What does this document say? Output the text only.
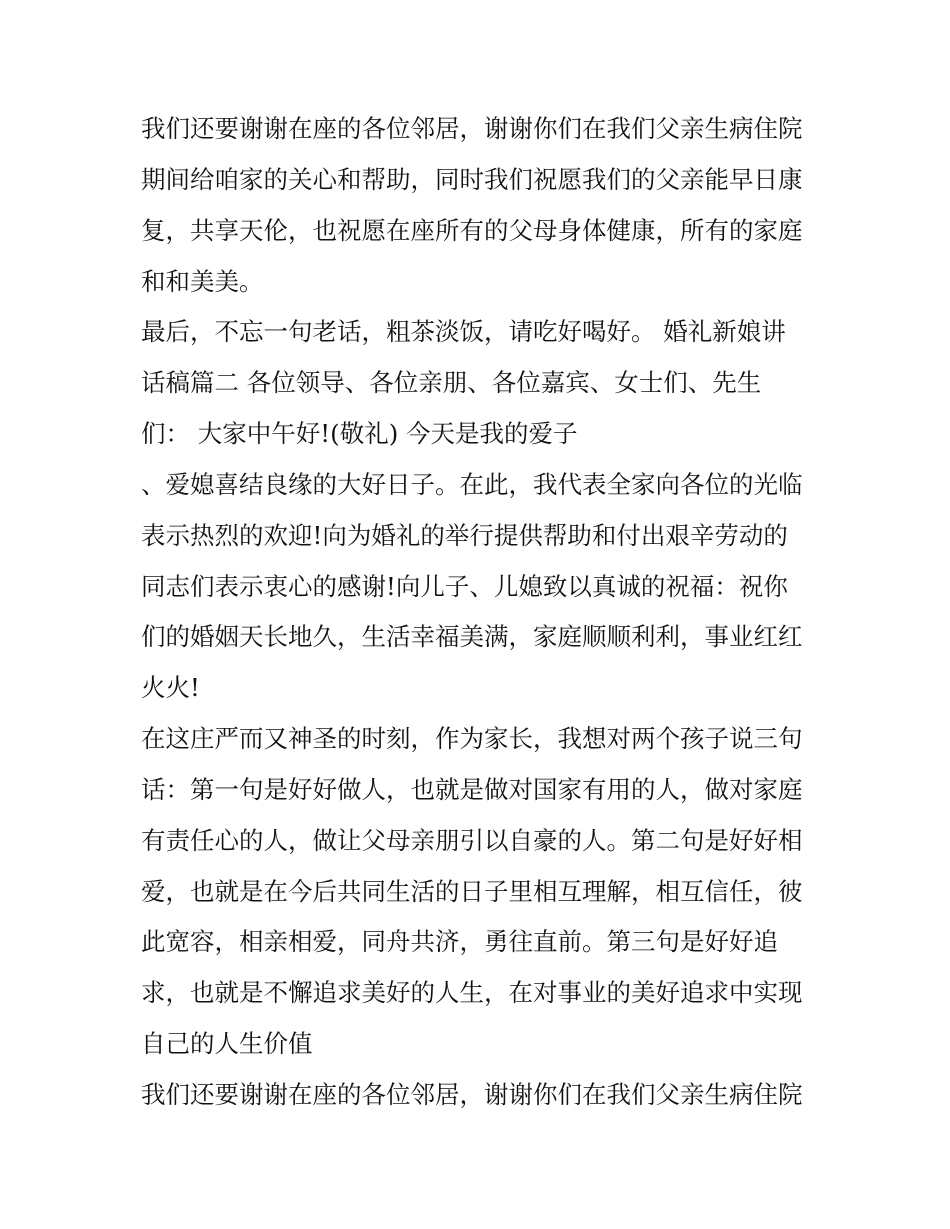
我们还要谢谢在座的各位邻居，谢谢你们在我们父亲生病住院
期间给咱家的关心和帮助，同时我们祝愿我们的父亲能早日康
复，共享天伦，也祝愿在座所有的父母身体健康，所有的家庭
和和美美。
最后，不忘一句老话，粗茶淡饭，请吃好喝好。 婚礼新娘讲
话稿篇二 各位领导、各位亲朋、各位嘉宾、女士们、先生
们： 大家中午好!(敬礼) 今天是我的爱子
、爱媳喜结良缘的大好日子。在此，我代表全家向各位的光临
表示热烈的欢迎!向为婚礼的举行提供帮助和付出艰辛劳动的
同志们表示衷心的感谢!向儿子、儿媳致以真诚的祝福：祝你
们的婚姻天长地久，生活幸福美满，家庭顺顺利利，事业红红
火火!
在这庄严而又神圣的时刻，作为家长，我想对两个孩子说三句
话：第一句是好好做人，也就是做对国家有用的人，做对家庭
有责任心的人，做让父母亲朋引以自豪的人。第二句是好好相
爱，也就是在今后共同生活的日子里相互理解，相互信任，彼
此宽容，相亲相爱，同舟共济，勇往直前。第三句是好好追
求，也就是不懈追求美好的人生，在对事业的美好追求中实现
自己的人生价值
我们还要谢谢在座的各位邻居，谢谢你们在我们父亲生病住院
